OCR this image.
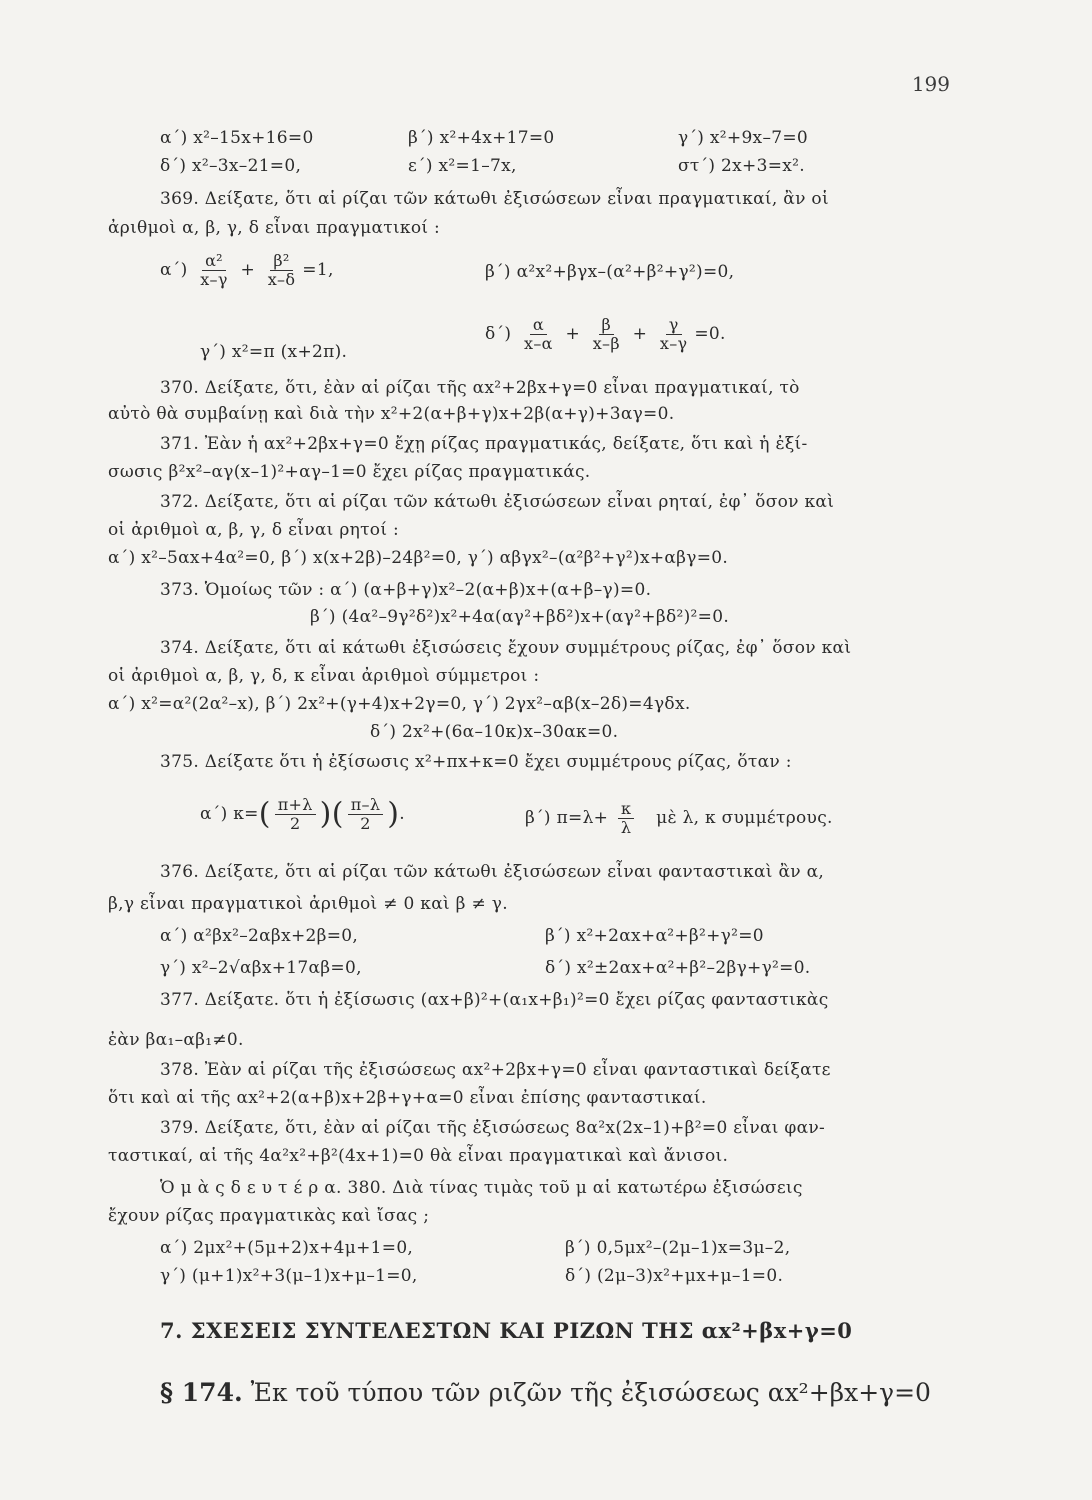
199
α΄) x²–15x+16=0	β΄) x²+4x+17=0	γ΄) x²+9x–7=0
δ΄) x²–3x–21=0,	ε΄) x²=1–7x,	στ΄) 2x+3=x².
369. Δείξατε, ὅτι αἱ ρίζαι τῶν κάτωθι ἐξισώσεων εἶναι πραγματικαί, ἂν οἱ
ἀριθμοὶ α, β, γ, δ εἶναι πραγματικοί :
$\alpha΄) \frac{\text{α²}}{x-\gamma} + \frac{\text{β²}}{x-\delta} =1$,	β΄) α²x²+βγx–(α²+β²+γ²)=0,
γ΄) x²=π (x+2π).
$\delta΄) \frac{\alpha}{x-\alpha} + \frac{\beta}{x-\beta} + \frac{\gamma}{x-\gamma} =0$.
370. Δείξατε, ὅτι, ἐὰν αἱ ρίζαι τῆς αx²+2βx+γ=0 εἶναι πραγματικαί, τὸ
αὐτὸ θὰ συμβαίνῃ καὶ διὰ τὴν x²+2(α+β+γ)x+2β(α+γ)+3αγ=0.
371. Ἐὰν ἡ αx²+2βx+γ=0 ἔχῃ ρίζας πραγματικάς, δείξατε, ὅτι καὶ ἡ ἐξί-
σωσις β²x²–αγ(x–1)²+αγ–1=0 ἔχει ρίζας πραγματικάς.
372. Δείξατε, ὅτι αἱ ρίζαι τῶν κάτωθι ἐξισώσεων εἶναι ρηταί, ἐφ᾿ ὅσον καὶ
οἱ ἀριθμοὶ α, β, γ, δ εἶναι ρητοί :
α΄) x²–5αx+4α²=0, β΄) x(x+2β)–24β²=0, γ΄) αβγx²–(α²β²+γ²)x+αβγ=0.
373. Ὁμοίως τῶν : α΄) (α+β+γ)x²–2(α+β)x+(α+β–γ)=0.
β΄) (4α²–9γ²δ²)x²+4α(αγ²+βδ²)x+(αγ²+βδ²)²=0.
374. Δείξατε, ὅτι αἱ κάτωθι ἐξισώσεις ἔχουν συμμέτρους ρίζας, ἐφ᾿ ὅσον καὶ
οἱ ἀριθμοὶ α, β, γ, δ, κ εἶναι ἀριθμοὶ σύμμετροι :
α΄) x²=α²(2α²–x), β΄) 2x²+(γ+4)x+2γ=0, γ΄) 2γx²–αβ(x–2δ)=4γδx.
δ΄) 2x²+(6α–10κ)x–30ακ=0.
375. Δείξατε ὅτι ἡ ἐξίσωσις x²+πx+κ=0 ἔχει συμμέτρους ρίζας, ὅταν :
α΄) $\kappa=( \frac{\pi+\lambda}{2}$ )( $\frac{\pi-\lambda}{2}$ ).	β΄) $\pi=\lambda+ \frac{\kappa}{\lambda}$ μὲ λ, κ συμμέτρους.
376. Δείξατε, ὅτι αἱ ρίζαι τῶν κάτωθι ἐξισώσεων εἶναι φανταστικαὶ ἂν α,
β,γ εἶναι πραγματικοὶ ἀριθμοὶ ≠ 0 καὶ β ≠ γ.
α΄) α²βx²–2αβx+2β=0,	β΄) x²+2αx+α²+β²+γ²=0
γ΄) x²–2√αβx+17αβ=0,	δ΄) x²±2αx+α²+β²–2βγ+γ²=0.
377. Δείξατε. ὅτι ἡ ἐξίσωσις (αx+β)²+(α₁x+β₁)²=0 ἔχει ρίζας φανταστικὰς
ἐὰν βα₁–αβ₁≠0.
378. Ἐὰν αἱ ρίζαι τῆς ἐξισώσεως αx²+2βx+γ=0 εἶναι φανταστικαὶ δείξατε
ὅτι καὶ αἱ τῆς αx²+2(α+β)x+2β+γ+α=0 εἶναι ἐπίσης φανταστικαί.
379. Δείξατε, ὅτι, ἐὰν αἱ ρίζαι τῆς ἐξισώσεως 8α²x(2x–1)+β²=0 εἶναι φαν-
ταστικαί, αἱ τῆς 4α²x²+β²(4x+1)=0 θὰ εἶναι πραγματικαὶ καὶ ἄνισοι.
Ὁ μ ὰ ς δ ε υ τ έ ρ α. 380. Διὰ τίνας τιμὰς τοῦ μ αἱ κατωτέρω ἐξισώσεις
ἔχουν ρίζας πραγματικὰς καὶ ἴσας ;
α΄) 2μx²+(5μ+2)x+4μ+1=0,	β΄) 0,5μx²–(2μ–1)x=3μ–2,
γ΄) (μ+1)x²+3(μ–1)x+μ–1=0,	δ΄) (2μ–3)x²+μx+μ–1=0.
7. ΣΧΕΣΕΙΣ ΣΥΝΤΕΛΕΣΤΩΝ ΚΑΙ ΡΙΖΩΝ ΤΗΣ αx²+βx+γ=0
§ 174. Ἐκ τοῦ τύπου τῶν ριζῶν τῆς ἐξισώσεως αx²+βx+γ=0
